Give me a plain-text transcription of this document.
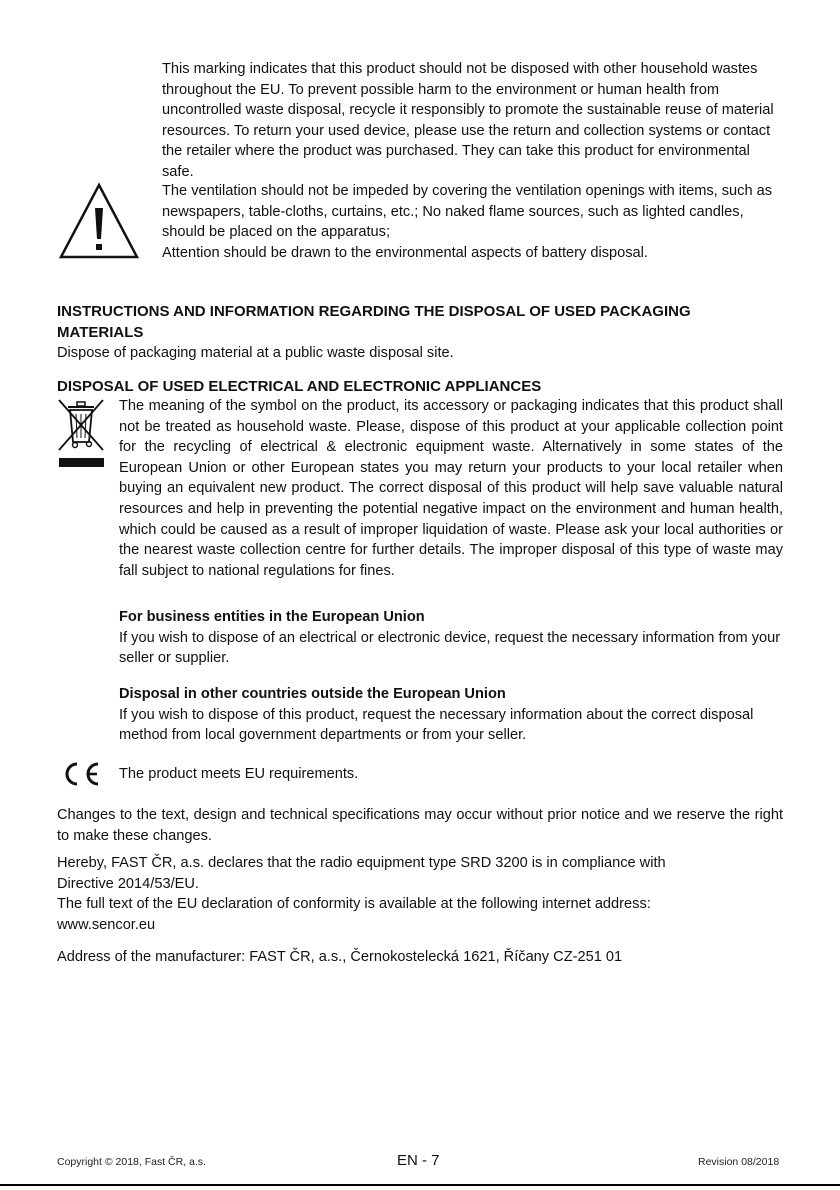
This marking indicates that this product should not be disposed with other household wastes throughout the EU. To prevent possible harm to the environment or human health from uncontrolled waste disposal, recycle it responsibly to promote the sustainable reuse of material resources. To return your used device, please use the return and collection systems or contact the retailer where the product was purchased. They can take this product for environmental safe.

The ventilation should not be impeded by covering the ventilation openings with items, such as newspapers, table-cloths, curtains, etc.; No naked flame sources, such as lighted candles, should be placed on the apparatus;

Attention should be drawn to the environmental aspects of battery disposal.

INSTRUCTIONS AND INFORMATION REGARDING THE DISPOSAL OF USED PACKAGING
MATERIALS

Dispose of packaging material at a public waste disposal site.

DISPOSAL OF USED ELECTRICAL AND ELECTRONIC APPLIANCES

The meaning of the symbol on the product, its accessory or packaging indicates that this product shall not be treated as household waste. Please, dispose of this product at your applicable collection point for the recycling of electrical & electronic equipment waste. Alternatively in some states of the European Union or other European states you may return your products to your local retailer when buying an equivalent new product. The correct disposal of this product will help save valuable natural resources and help in preventing the potential negative impact on the environment and human health, which could be caused as a result of improper liquidation of waste. Please ask your local authorities or the nearest waste collection centre for further details. The improper disposal of this type of waste may fall subject to national regulations for fines.

For business entities in the European Union

If you wish to dispose of an electrical or electronic device, request the necessary information from your seller or supplier.

Disposal in other countries outside the European Union

If you wish to dispose of this product, request the necessary information about the correct disposal method from local government departments or from your seller.

The product meets EU requirements.

Changes to the text, design and technical specifications may occur without prior notice and we reserve the right to make these changes.

Hereby, FAST ČR, a.s. declares that the radio equipment type SRD 3200 is in compliance with
Directive 2014/53/EU.

The full text of the EU declaration of conformity is available at the following internet address:
www.sencor.eu

Address of the manufacturer: FAST ČR, a.s., Černokostelecká 1621, Říčany CZ-251 01

Copyright © 2018, Fast ČR, a.s.	EN - 7	Revision 08/2018
